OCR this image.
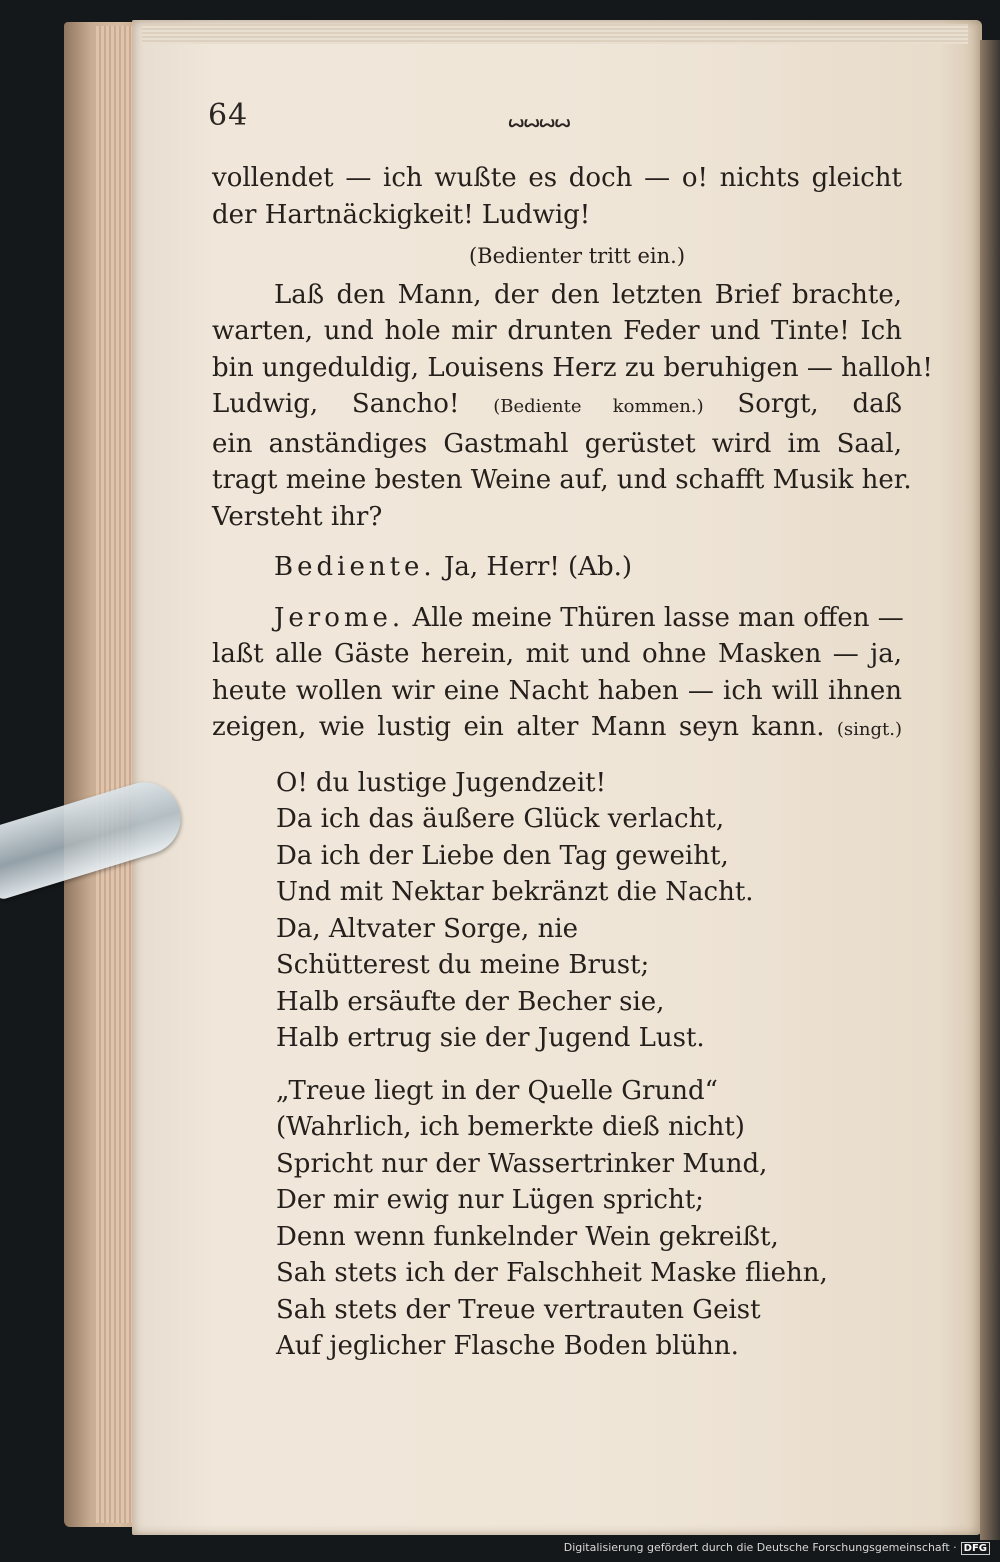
64	ꙍꙍꙍꙍ
vollendet — ich wußte es doch — o! nichts gleicht
der Hartnäckigkeit! Ludwig!
(Bedienter tritt ein.)
Laß den Mann, der den letzten Brief brachte,
warten, und hole mir drunten Feder und Tinte! Ich
bin ungeduldig, Louisens Herz zu beruhigen — halloh!
Ludwig, Sancho! (Bediente kommen.) Sorgt, daß
ein anständiges Gastmahl gerüstet wird im Saal,
tragt meine besten Weine auf, und schafft Musik her.
Versteht ihr?
Bediente. Ja, Herr! (Ab.)
Jerome. Alle meine Thüren lasse man offen —
laßt alle Gäste herein, mit und ohne Masken — ja,
heute wollen wir eine Nacht haben — ich will ihnen
zeigen, wie lustig ein alter Mann seyn kann. (singt.)
O! du lustige Jugendzeit!
Da ich das äußere Glück verlacht,
Da ich der Liebe den Tag geweiht,
Und mit Nektar bekränzt die Nacht.
Da, Altvater Sorge, nie
Schütterest du meine Brust;
Halb ersäufte der Becher sie,
Halb ertrug sie der Jugend Lust.
„Treue liegt in der Quelle Grund“
(Wahrlich, ich bemerkte dieß nicht)
Spricht nur der Wassertrinker Mund,
Der mir ewig nur Lügen spricht;
Denn wenn funkelnder Wein gekreißt,
Sah stets ich der Falschheit Maske fliehn,
Sah stets der Treue vertrauten Geist
Auf jeglicher Flasche Boden blühn.
Digitalisierung gefördert durch die Deutsche Forschungsgemeinschaft · DFG
